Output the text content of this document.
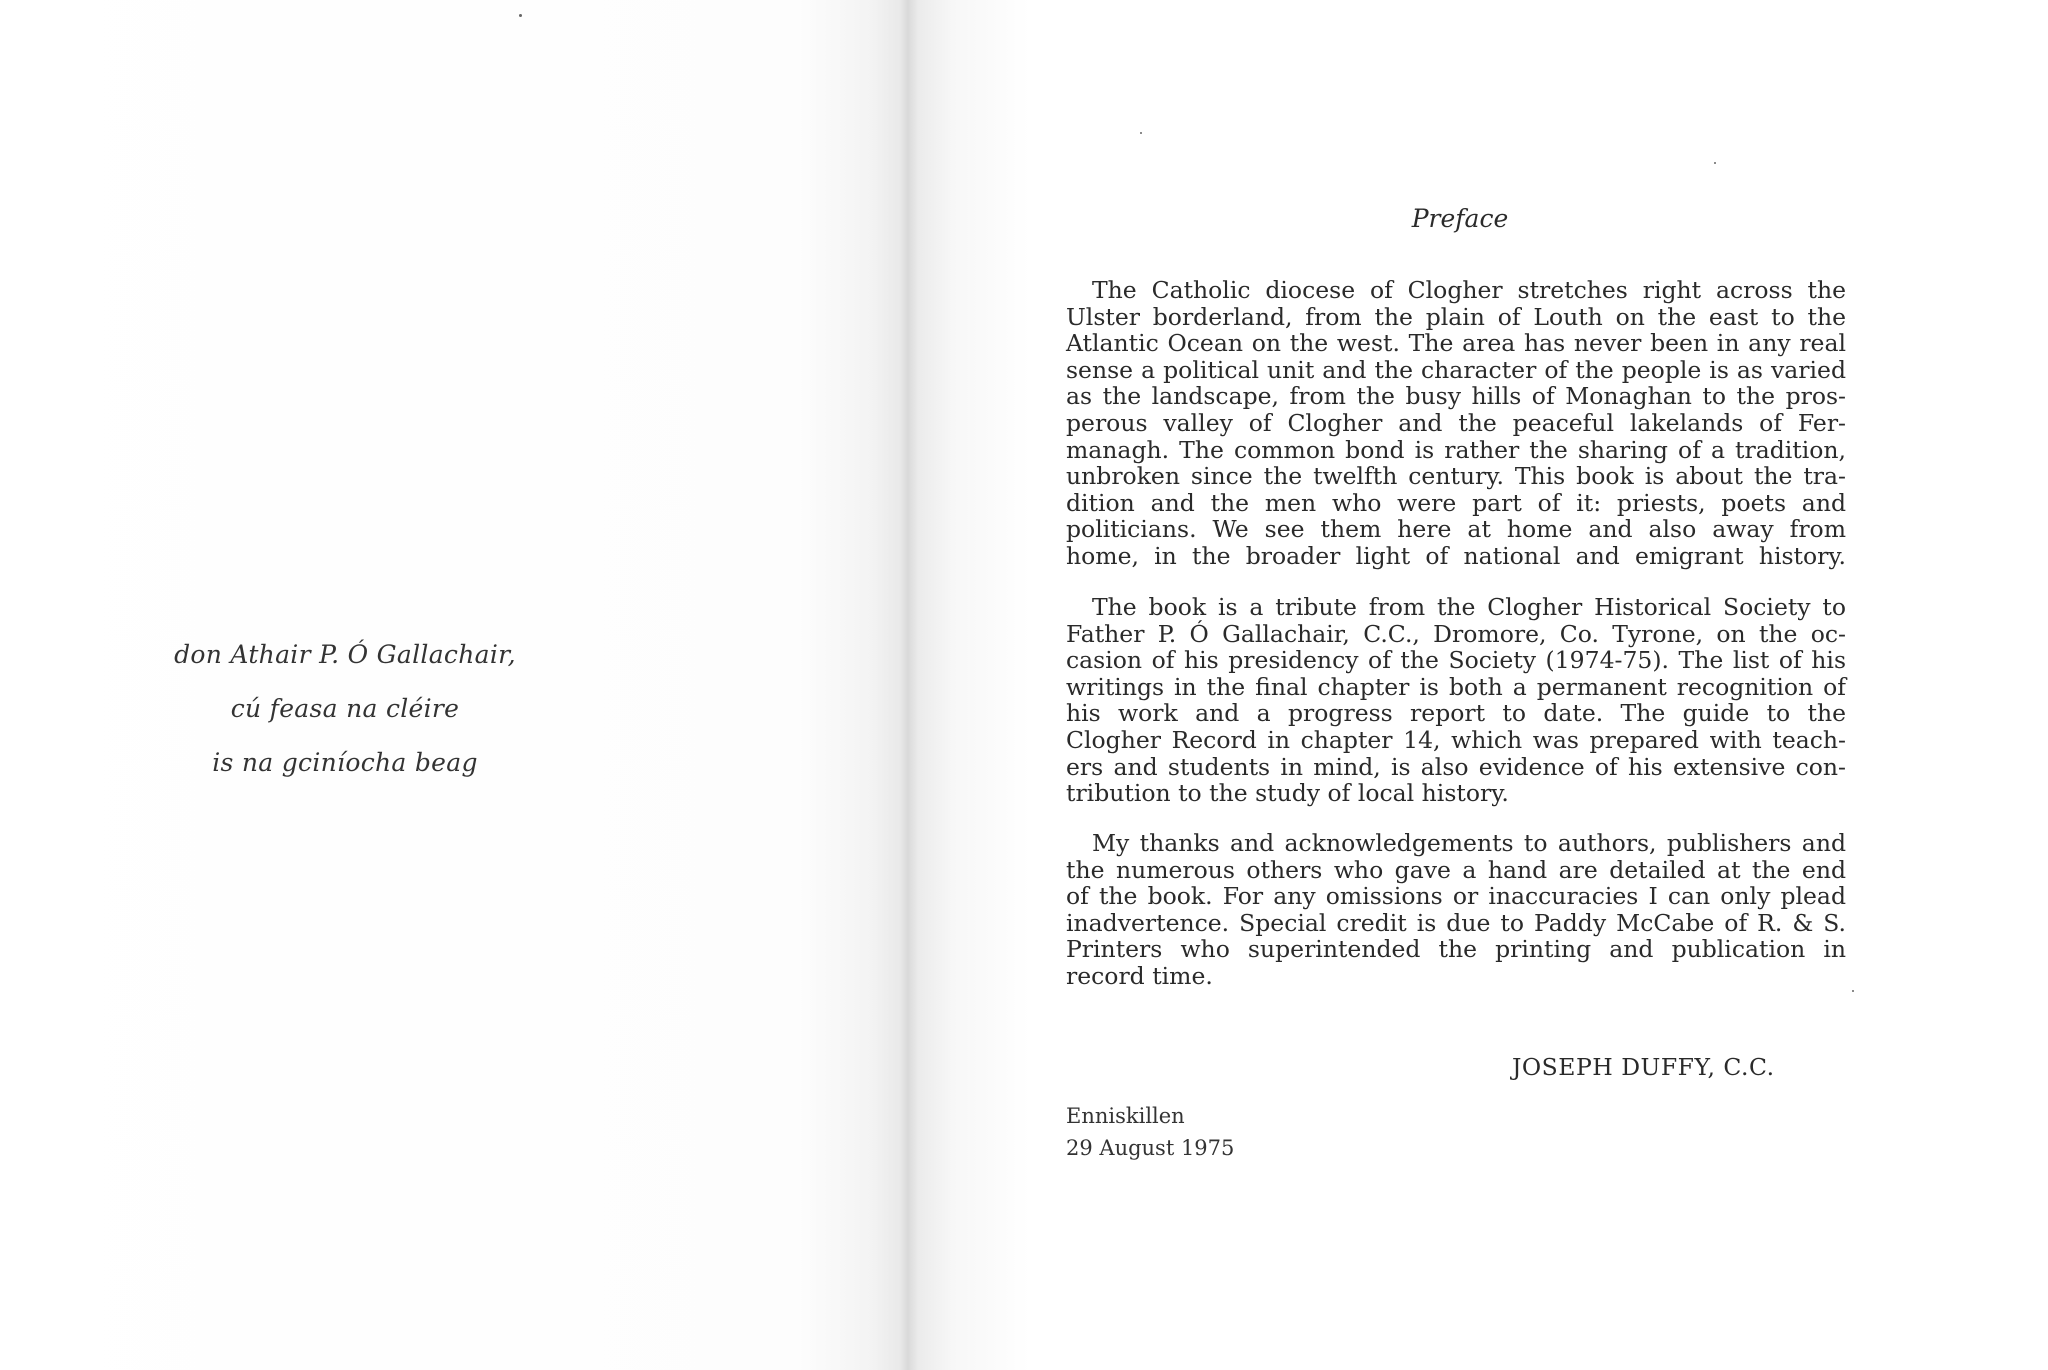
don Athair P. Ó Gallachair,
cú feasa na cléire
is na gciníocha beag
Preface
The Catholic diocese of Clogher stretches right across the
Ulster borderland, from the plain of Louth on the east to the
Atlantic Ocean on the west. The area has never been in any real
sense a political unit and the character of the people is as varied
as the landscape, from the busy hills of Monaghan to the pros-
perous valley of Clogher and the peaceful lakelands of Fer-
managh. The common bond is rather the sharing of a tradition,
unbroken since the twelfth century. This book is about the tra-
dition and the men who were part of it: priests, poets and
politicians. We see them here at home and also away from
home, in the broader light of national and emigrant history.
The book is a tribute from the Clogher Historical Society to
Father P. Ó Gallachair, C.C., Dromore, Co. Tyrone, on the oc-
casion of his presidency of the Society (1974-75). The list of his
writings in the final chapter is both a permanent recognition of
his work and a progress report to date. The guide to the
Clogher Record in chapter 14, which was prepared with teach-
ers and students in mind, is also evidence of his extensive con-
tribution to the study of local history.
My thanks and acknowledgements to authors, publishers and
the numerous others who gave a hand are detailed at the end
of the book. For any omissions or inaccuracies I can only plead
inadvertence. Special credit is due to Paddy McCabe of R. & S.
Printers who superintended the printing and publication in
record time.
JOSEPH DUFFY, C.C.
Enniskillen
29 August 1975
